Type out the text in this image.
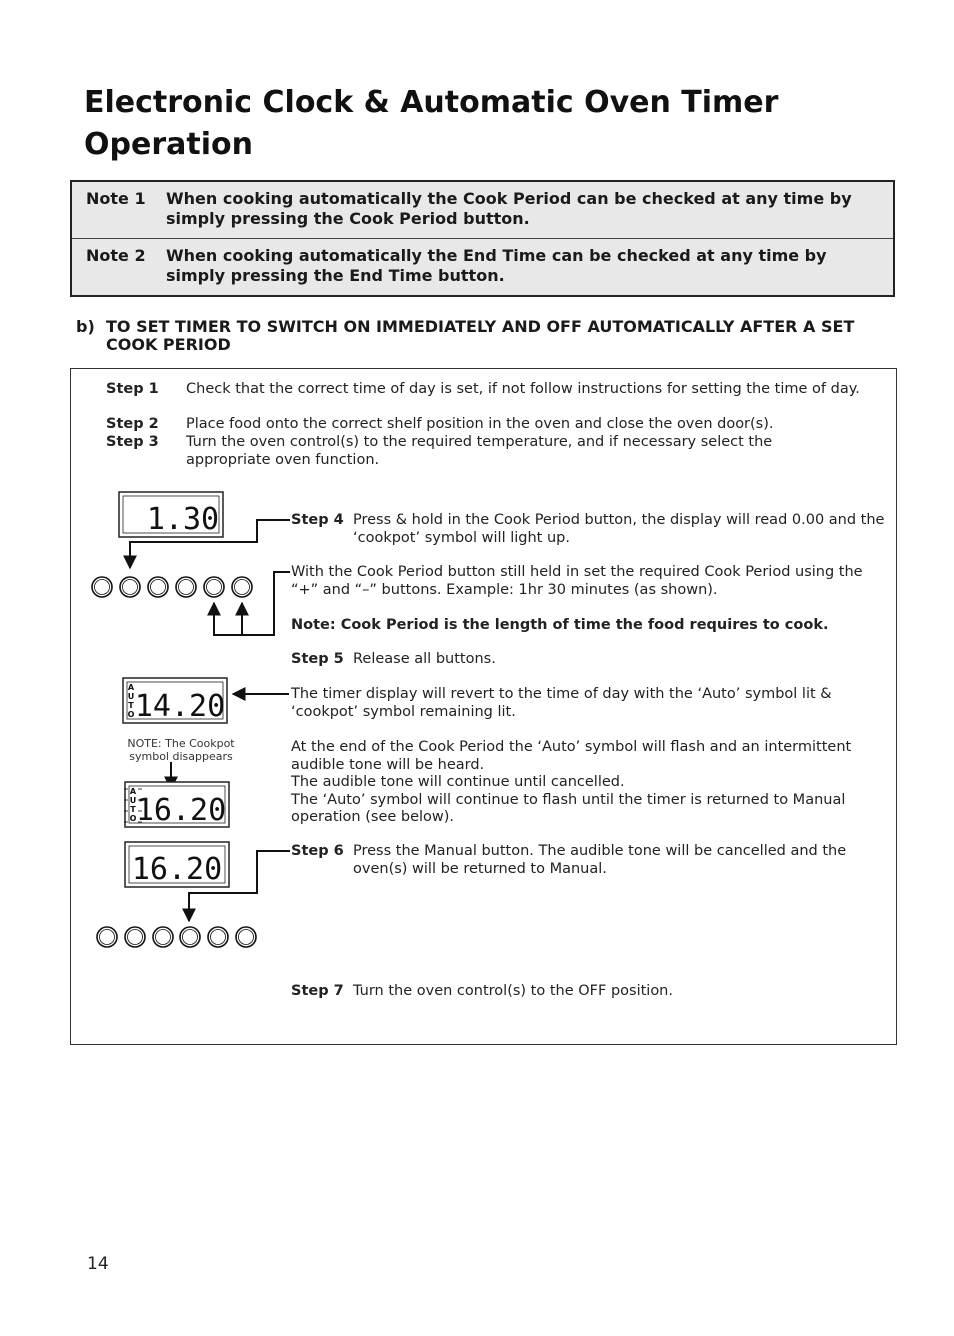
Electronic Clock & Automatic Oven Timer Operation
Note 1	When cooking automatically the Cook Period can be checked at any time by simply pressing the Cook Period button.
Note 2	When cooking automatically the End Time can be checked at any time by simply pressing the End Time button.
b) TO SET TIMER TO SWITCH ON IMMEDIATELY AND OFF AUTOMATICALLY AFTER A SET COOK PERIOD
Step 1	Check that the correct time of day is set, if not follow instructions for setting the time of day.
Step 2	Place food onto the correct shelf position in the oven and close the oven door(s).
Step 3	Turn the oven control(s) to the required temperature, and if necessary select the appropriate oven function.
1.30
A
U
T
O 14.20
A
U
T
O 16.20
16.20
NOTE: The Cookpot symbol disappears
Step 4 Press & hold in the Cook Period button, the display will read 0.00 and the ‘cookpot’ symbol will light up.
With the Cook Period button still held in set the required Cook Period using the “+” and “–” buttons. Example: 1hr 30 minutes (as shown).
Note: Cook Period is the length of time the food requires to cook.
Step 5 Release all buttons.
The timer display will revert to the time of day with the ‘Auto’ symbol lit & ‘cookpot’ symbol remaining lit.
At the end of the Cook Period the ‘Auto’ symbol will flash and an intermittent audible tone will be heard.
The audible tone will continue until cancelled.
The ‘Auto’ symbol will continue to flash until the timer is returned to Manual operation (see below).
Step 6 Press the Manual button. The audible tone will be cancelled and the oven(s) will be returned to Manual.
Step 7 Turn the oven control(s) to the OFF position.
14
